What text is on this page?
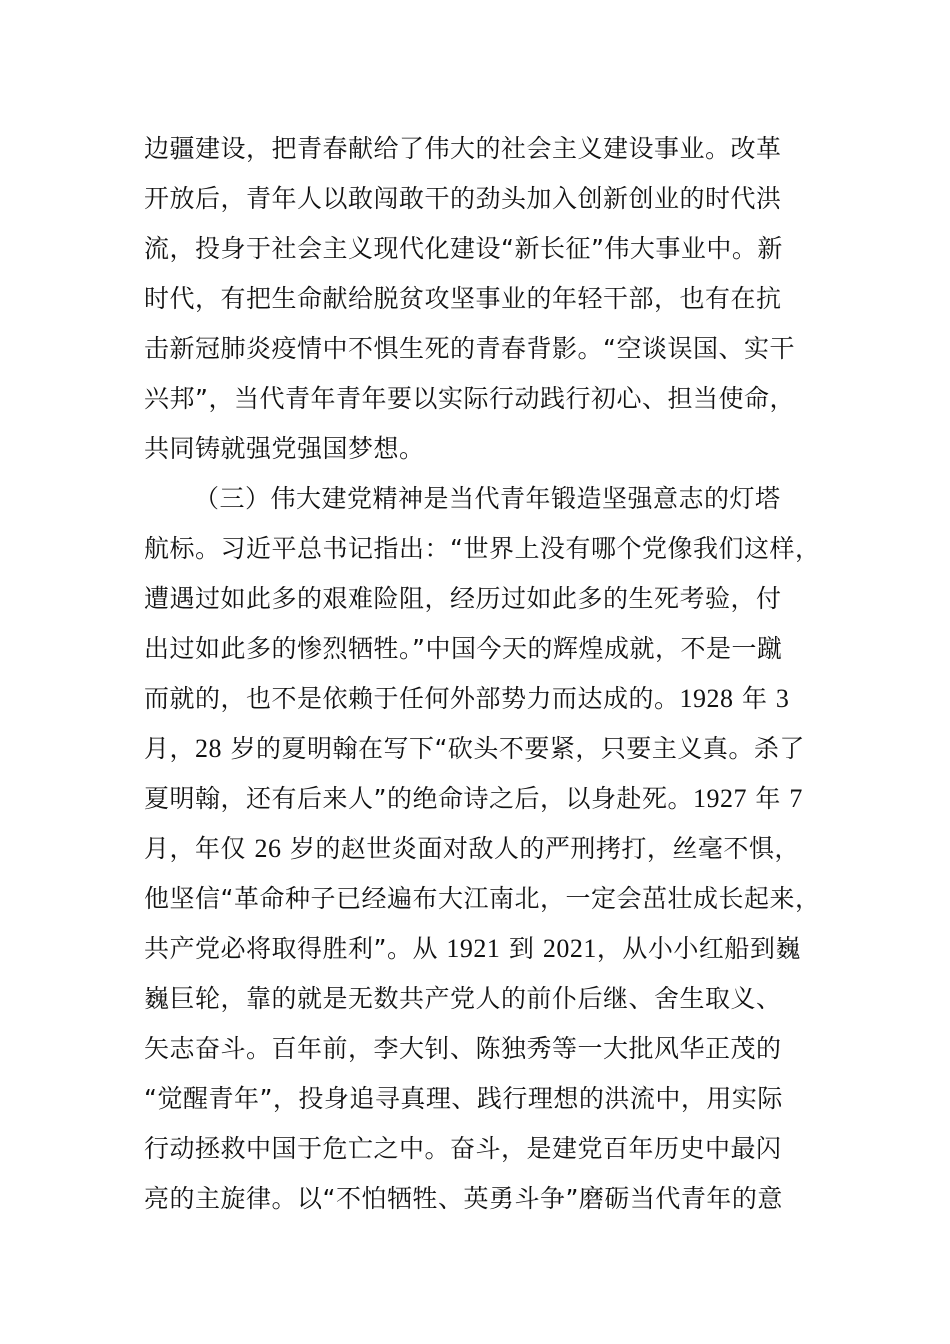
边疆建设，把青春献给了伟大的社会主义建设事业。改革
开放后，青年人以敢闯敢干的劲头加入创新创业的时代洪
流，投身于社会主义现代化建设“新长征”伟大事业中。新
时代，有把生命献给脱贫攻坚事业的年轻干部，也有在抗
击新冠肺炎疫情中不惧生死的青春背影。“空谈误国、实干
兴邦”，当代青年青年要以实际行动践行初心、担当使命，
共同铸就强党强国梦想。
（三）伟大建党精神是当代青年锻造坚强意志的灯塔
航标。习近平总书记指出：“世界上没有哪个党像我们这样，
遭遇过如此多的艰难险阻，经历过如此多的生死考验，付
出过如此多的惨烈牺牲。”中国今天的辉煌成就，不是一蹴
而就的，也不是依赖于任何外部势力而达成的。1928 年 3
月，28 岁的夏明翰在写下“砍头不要紧，只要主义真。杀了
夏明翰，还有后来人”的绝命诗之后，以身赴死。1927 年 7
月，年仅 26 岁的赵世炎面对敌人的严刑拷打，丝毫不惧，
他坚信“革命种子已经遍布大江南北，一定会茁壮成长起来，
共产党必将取得胜利”。从 1921 到 2021，从小小红船到巍
巍巨轮，靠的就是无数共产党人的前仆后继、舍生取义、
矢志奋斗。百年前，李大钊、陈独秀等一大批风华正茂的
“觉醒青年”，投身追寻真理、践行理想的洪流中，用实际
行动拯救中国于危亡之中。奋斗，是建党百年历史中最闪
亮的主旋律。以“不怕牺牲、英勇斗争”磨砺当代青年的意
